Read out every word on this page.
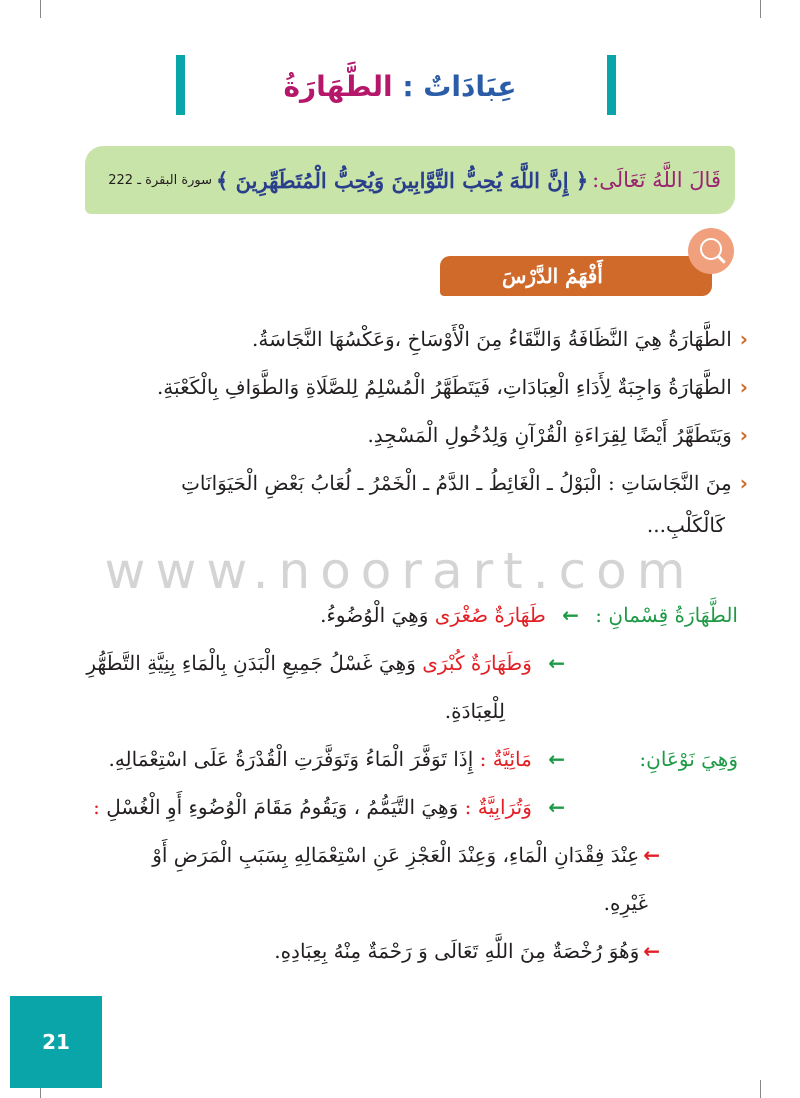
عِبَادَاتٌ : الطَّهَارَةُ
قَالَ اللَّهُ تَعَالَى:
﴿ إِنَّ اللَّهَ يُحِبُّ التَّوَّابِينَ وَيُحِبُّ الْمُتَطَهِّرِينَ ﴾
سورة البقرة ـ 222
أَفْهَمُ الدَّرْسَ
‹الطَّهَارَةُ هِيَ النَّظَافَةُ وَالنَّقَاءُ مِنَ الْأَوْسَاخِ ،وَعَكْسُهَا النَّجَاسَةُ.
‹الطَّهَارَةُ وَاجِبَةٌ لِأَدَاءِ الْعِبَادَاتِ، فَيَتَطَهَّرُ الْمُسْلِمُ لِلصَّلَاةِ وَالطَّوَافِ بِالْكَعْبَةِ.
‹وَيَتَطَهَّرُ أَيْضًا لِقِرَاءَةِ الْقُرْآنِ وَلِدُخُولِ الْمَسْجِدِ.
‹مِنَ النَّجَاسَاتِ : الْبَوْلُ ـ الْغَائِطُ ـ الدَّمُ ـ الْخَمْرُ ـ لُعَابُ بَعْضِ الْحَيَوَانَاتِ
كَالْكَلْبِ...
www.noorart.com
الطَّهَارَةُ قِسْمانِ : ← طَهَارَةٌ صُغْرَى وَهِيَ الْوُضُوءُ.
← وَطَهَارَةٌ كُبْرَى وَهِيَ غَسْلُ جَمِيعِ الْبَدَنِ بِالْمَاءِ بِنِيَّةِ التَّطَهُّرِ
لِلْعِبَادَةِ.
وَهِيَ نَوْعَانِ:
← مَائِيَّةٌ : إِذَا تَوَفَّرَ الْمَاءُ وَتَوَفَّرَتِ الْقُدْرَةُ عَلَى اسْتِعْمَالِهِ.
← وَتُرَابِيَّةٌ : وَهِيَ التَّيَمُّمُ ، وَيَقُومُ مَقَامَ الْوُضُوءِ أَوِ الْغُسْلِ :
←عِنْدَ فِقْدَانِ الْمَاءِ، وَعِنْدَ الْعَجْزِ عَنِ اسْتِعْمَالِهِ بِسَبَبِ الْمَرَضِ أَوْ
غَيْرِهِ.
←وَهُوَ رُخْصَةٌ مِنَ اللَّهِ تَعَالَى وَ رَحْمَةٌ مِنْهُ بِعِبَادِهِ.
21
